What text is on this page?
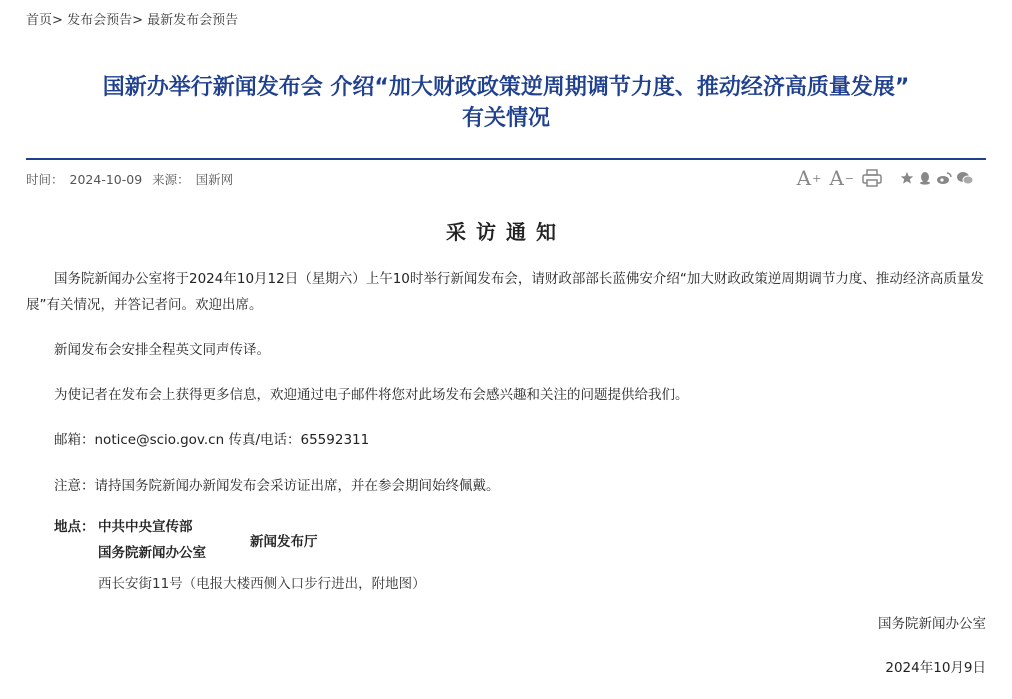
首页> 发布会预告> 最新发布会预告
国新办举行新闻发布会 介绍“加大财政政策逆周期调节力度、推动经济高质量发展”
有关情况
时间： 2024-10-09 来源： 国新网	A + A −
采访通知
国务院新闻办公室将于2024年10月12日（星期六）上午10时举行新闻发布会，请财政部部长蓝佛安介绍“加大财政政策逆周期调节力度、推动经济高质量发展”有关情况，并答记者问。欢迎出席。
新闻发布会安排全程英文同声传译。
为使记者在发布会上获得更多信息，欢迎通过电子邮件将您对此场发布会感兴趣和关注的问题提供给我们。
邮箱：notice@scio.gov.cn 传真/电话：65592311
注意：请持国务院新闻办新闻发布会采访证出席，并在参会期间始终佩戴。
地点： 中共中央宣传部
国务院新闻办公室
新闻发布厅
西长安街11号（电报大楼西侧入口步行进出，附地图）
国务院新闻办公室
2024年10月9日
